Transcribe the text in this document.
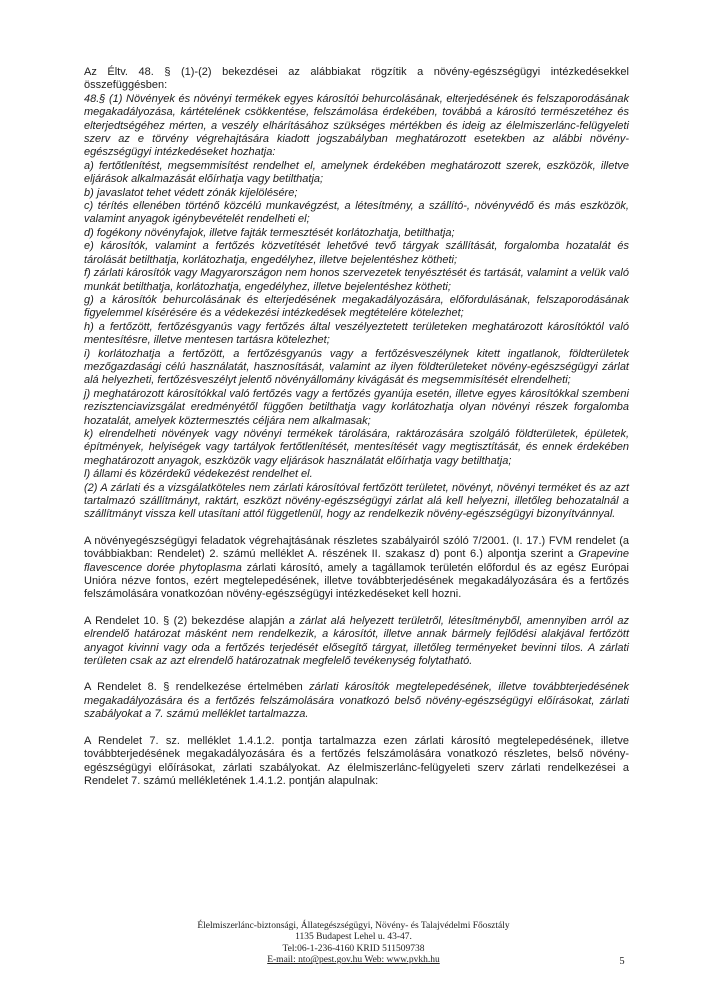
Az Éltv. 48. § (1)-(2) bekezdései az alábbiakat rögzítik a növény-egészségügyi intézkedésekkel összefüggésben:

48.§ (1) Növények és növényi termékek egyes károsítói behurcolásának, elterjedésének és felszaporodásának megakadályozása, kártételének csökkentése, felszámolása érdekében, továbbá a károsító természetéhez és elterjedtségéhez mérten, a veszély elhárításához szükséges mértékben és ideig az élelmiszerlánc-felügyeleti szerv az e törvény végrehajtására kiadott jogszabályban meghatározott esetekben az alábbi növény-egészségügyi intézkedéseket hozhatja:

a) fertőtlenítést, megsemmisítést rendelhet el, amelynek érdekében meghatározott szerek, eszközök, illetve eljárások alkalmazását előírhatja vagy betilthatja;

b) javaslatot tehet védett zónák kijelölésére;

c) térítés ellenében történő közcélú munkavégzést, a létesítmény, a szállító-, növényvédő és más eszközök, valamint anyagok igénybevételét rendelheti el;

d) fogékony növényfajok, illetve fajták termesztését korlátozhatja, betilthatja;

e) károsítók, valamint a fertőzés közvetítését lehetővé tevő tárgyak szállítását, forgalomba hozatalát és tárolását betilthatja, korlátozhatja, engedélyhez, illetve bejelentéshez kötheti;

f) zárlati károsítók vagy Magyarországon nem honos szervezetek tenyésztését és tartását, valamint a velük való munkát betilthatja, korlátozhatja, engedélyhez, illetve bejelentéshez kötheti;

g) a károsítók behurcolásának és elterjedésének megakadályozására, előfordulásának, felszaporodásának figyelemmel kísérésére és a védekezési intézkedések megtételére kötelezhet;

h) a fertőzött, fertőzésgyanús vagy fertőzés által veszélyeztetett területeken meghatározott károsítóktól való mentesítésre, illetve mentesen tartásra kötelezhet;

i) korlátozhatja a fertőzött, a fertőzésgyanús vagy a fertőzésveszélynek kitett ingatlanok, földterületek mezőgazdasági célú használatát, hasznosítását, valamint az ilyen földterületeket növény-egészségügyi zárlat alá helyezheti, fertőzésveszélyt jelentő növényállomány kivágását és megsemmisítését elrendelheti;

j) meghatározott károsítókkal való fertőzés vagy a fertőzés gyanúja esetén, illetve egyes károsítókkal szembeni rezisztenciavizsgálat eredményétől függően betilthatja vagy korlátozhatja olyan növényi részek forgalomba hozatalát, amelyek köztermesztés céljára nem alkalmasak;

k) elrendelheti növények vagy növényi termékek tárolására, raktározására szolgáló földterületek, épületek, építmények, helyiségek vagy tartályok fertőtlenítését, mentesítését vagy megtisztítását, és ennek érdekében meghatározott anyagok, eszközök vagy eljárások használatát előírhatja vagy betilthatja;

l) állami és közérdekű védekezést rendelhet el.

(2) A zárlati és a vizsgálatköteles nem zárlati károsítóval fertőzött területet, növényt, növényi terméket és az azt tartalmazó szállítmányt, raktárt, eszközt növény-egészségügyi zárlat alá kell helyezni, illetőleg behozatalnál a szállítmányt vissza kell utasítani attól függetlenül, hogy az rendelkezik növény-egészségügyi bizonyítvánnyal.

A növényegészségügyi feladatok végrehajtásának részletes szabályairól szóló 7/2001. (I. 17.) FVM rendelet (a továbbiakban: Rendelet) 2. számú melléklet A. részének II. szakasz d) pont 6.) alpontja szerint a Grapevine flavescence dorée phytoplasma zárlati károsító, amely a tagállamok területén előfordul és az egész Európai Unióra nézve fontos, ezért megtelepedésének, illetve továbbterjedésének megakadályozására és a fertőzés felszámolására vonatkozóan növény-egészségügyi intézkedéseket kell hozni.

A Rendelet 10. § (2) bekezdése alapján a zárlat alá helyezett területről, létesítményből, amennyiben arról az elrendelő határozat másként nem rendelkezik, a károsítót, illetve annak bármely fejlődési alakjával fertőzött anyagot kivinni vagy oda a fertőzés terjedését elősegítő tárgyat, illetőleg terményeket bevinni tilos. A zárlati területen csak az azt elrendelő határozatnak megfelelő tevékenység folytatható.

A Rendelet 8. § rendelkezése értelmében zárlati károsítók megtelepedésének, illetve továbbterjedésének megakadályozására és a fertőzés felszámolására vonatkozó belső növény-egészségügyi előírásokat, zárlati szabályokat a 7. számú melléklet tartalmazza.

A Rendelet 7. sz. melléklet 1.4.1.2. pontja tartalmazza ezen zárlati károsító megtelepedésének, illetve továbbterjedésének megakadályozására és a fertőzés felszámolására vonatkozó részletes, belső növény-egészségügyi előírásokat, zárlati szabályokat. Az élelmiszerlánc-felügyeleti szerv zárlati rendelkezései a Rendelet 7. számú mellékletének 1.4.1.2. pontján alapulnak:

Élelmiszerlánc-biztonsági, Állategészségügyi, Növény- és Talajvédelmi Főosztály
1135 Budapest Lehel u. 43-47.
Tel:06-1-236-4160 KRID 511509738
E-mail: nto@pest.gov.hu Web: www.pvkh.hu	5
